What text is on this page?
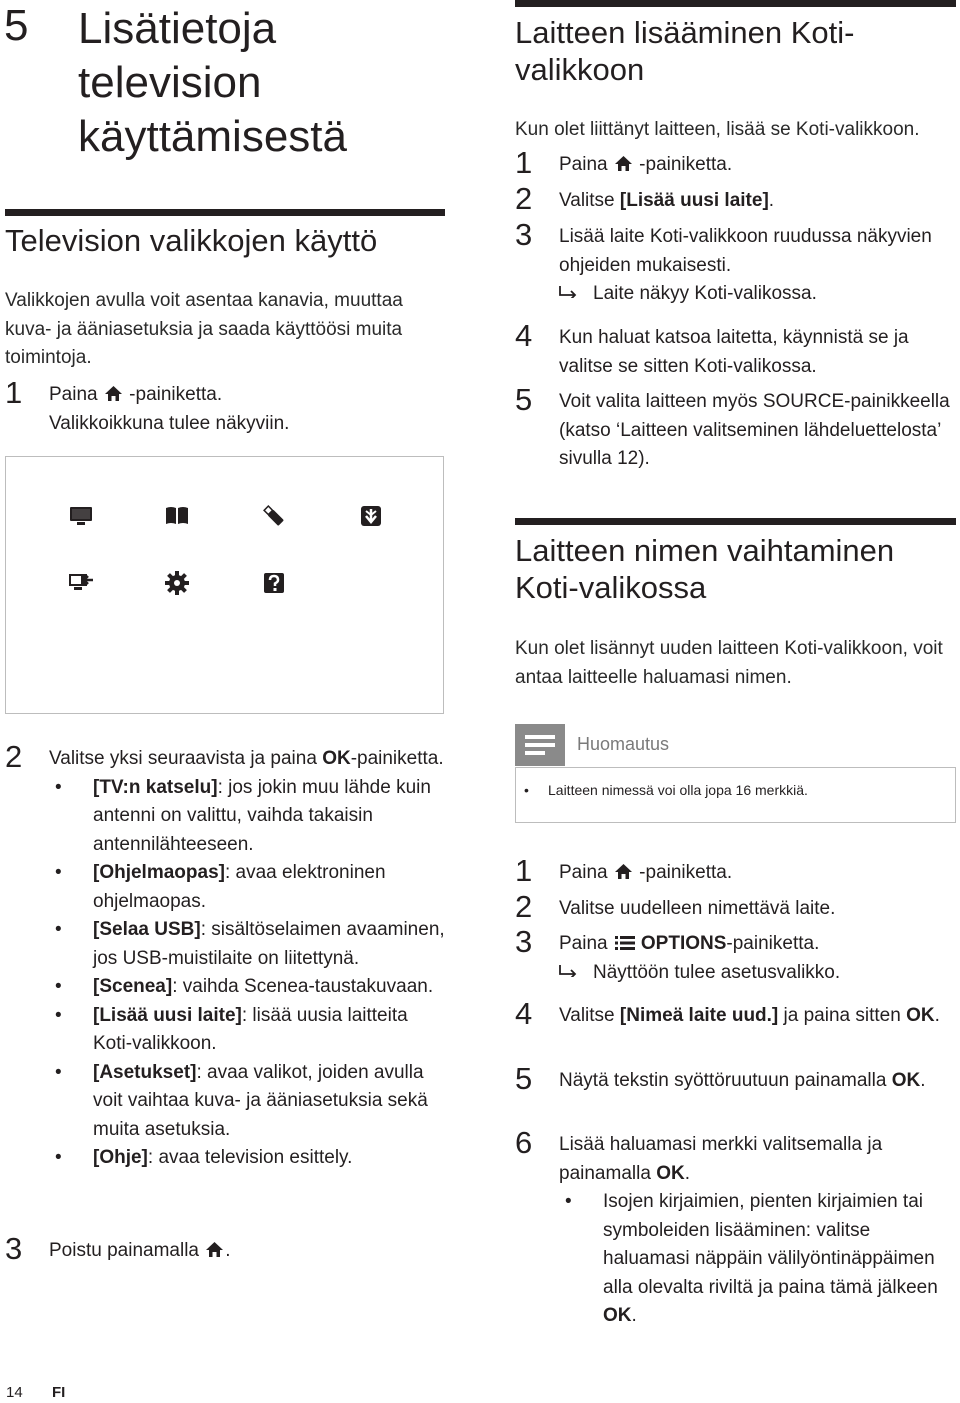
5 Lisätietoja television käyttämisestä
Television valikkojen käyttö
Valikkojen avulla voit asentaa kanavia, muuttaa kuva- ja ääniasetuksia ja saada käyttöösi muita toimintoja.
1 Paina -painiketta.
Valikkoikkuna tulee näkyviin.
2 Valitse yksi seuraavista ja paina OK-painiketta.
• [TV:n katselu]: jos jokin muu lähde kuin antenni on valittu, vaihda takaisin antennilähteeseen.
• [Ohjelmaopas]: avaa elektroninen ohjelmaopas.
• [Selaa USB]: sisältöselaimen avaaminen, jos USB-muistilaite on liitettynä.
• [Scenea]: vaihda Scenea-taustakuvaan.
• [Lisää uusi laite]: lisää uusia laitteita Koti-valikkoon.
• [Asetukset]: avaa valikot, joiden avulla voit vaihtaa kuva- ja ääniasetuksia sekä muita asetuksia.
• [Ohje]: avaa television esittely.
3 Poistu painamalla .
Laitteen lisääminen Koti-valikkoon
Kun olet liittänyt laitteen, lisää se Koti-valikkoon.
1 Paina -painiketta.
2 Valitse [Lisää uusi laite].
3 Lisää laite Koti-valikkoon ruudussa näkyvien ohjeiden mukaisesti.
Laite näkyy Koti-valikossa.
4 Kun haluat katsoa laitetta, käynnistä se ja valitse se sitten Koti-valikossa.
5 Voit valita laitteen myös SOURCE-painikkeella (katso ‘Laitteen valitseminen lähdeluettelosta’ sivulla 12).
Laitteen nimen vaihtaminen Koti-valikossa
Kun olet lisännyt uuden laitteen Koti-valikkoon, voit antaa laitteelle haluamasi nimen.
Huomautus
• Laitteen nimessä voi olla jopa 16 merkkiä.
1 Paina -painiketta.
2 Valitse uudelleen nimettävä laite.
3 Paina OPTIONS-painiketta.
Näyttöön tulee asetusvalikko.
4 Valitse [Nimeä laite uud.] ja paina sitten OK.
5 Näytä tekstin syöttöruutuun painamalla OK.
6 Lisää haluamasi merkki valitsemalla ja painamalla OK.
• Isojen kirjaimien, pienten kirjaimien tai symboleiden lisääminen: valitse haluamasi näppäin välilyöntinäppäimen alla olevalta riviltä ja paina tämä jälkeen OK.
14 FI
